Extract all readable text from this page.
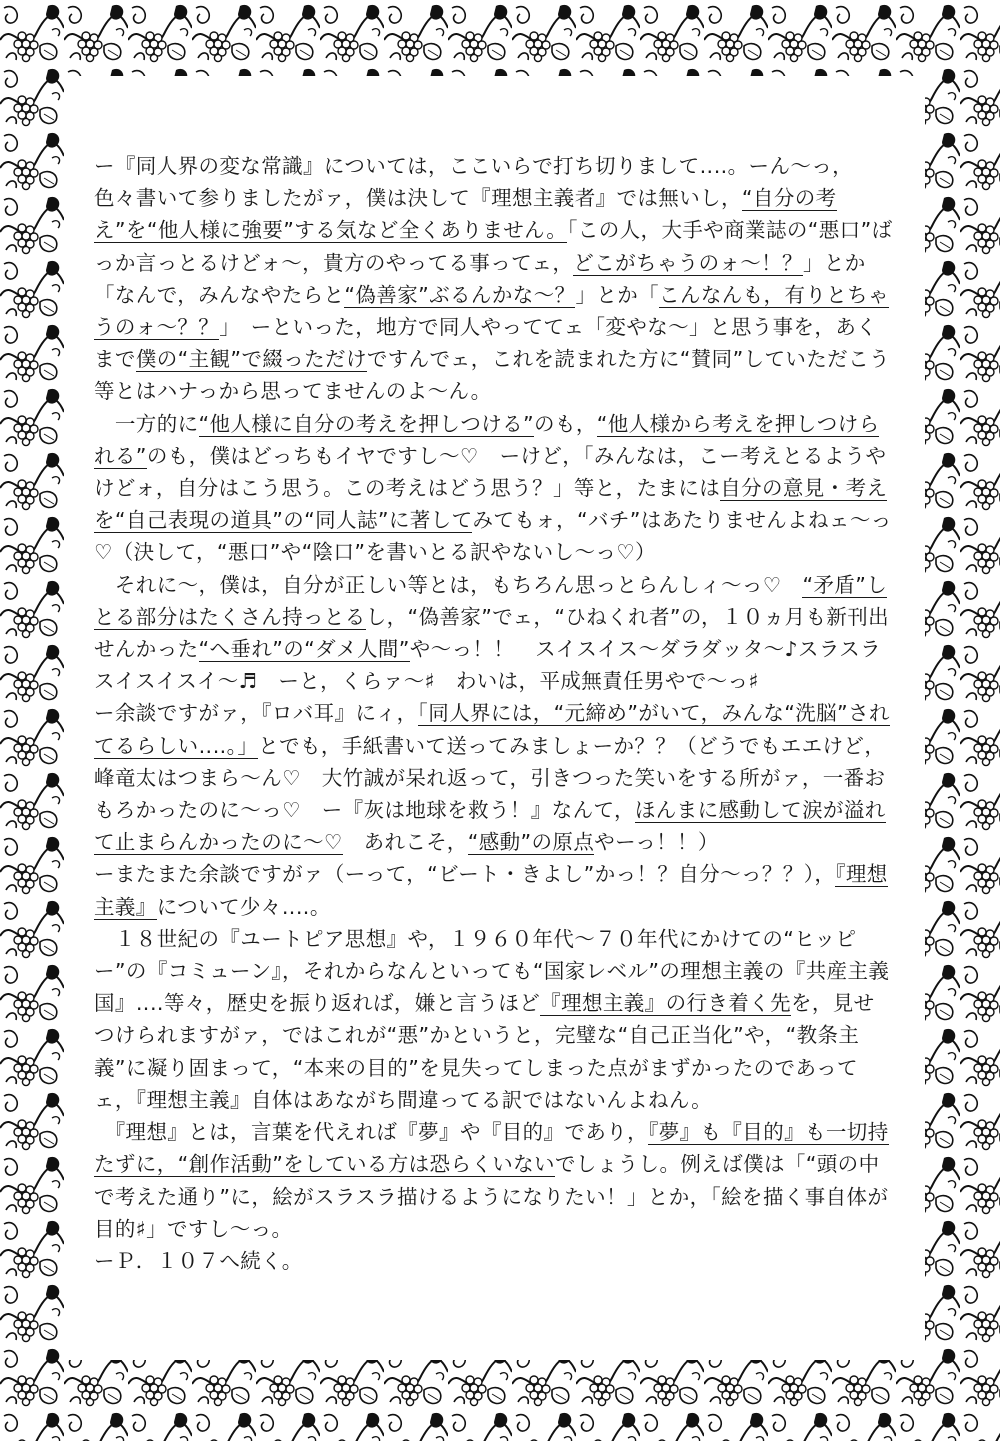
ー『同人界の変な常識』については，ここいらで打ち切りまして‥‥。ーん〜っ，色々書いて参りましたがァ，僕は決して『理想主義者』では無いし，“自分の考え”を“他人様に強要”する気など全くありません。「この人，大手や商業誌の“悪口”ばっか言っとるけどォ〜，貴方のやってる事ってェ，どこがちゃうのォ〜！？」とか「なんで，みんなやたらと“偽善家”ぶるんかな〜？」とか「こんなんも，有りとちゃうのォ〜？？」　ーといった，地方で同人やっててェ「変やな〜」と思う事を，あくまで僕の“主観”で綴っただけですんでェ，これを読まれた方に“賛同”していただこう等とはハナっから思ってませんのよ〜ん。

　一方的に“他人様に自分の考えを押しつける”のも，“他人様から考えを押しつけられる”のも，僕はどっちもイヤですし〜♡　ーけど，「みんなは，こー考えとるようやけどォ，自分はこう思う。この考えはどう思う？」等と，たまには自分の意見・考えを“自己表現の道具”の“同人誌”に著してみてもォ，“バチ”はあたりませんよねェ〜っ♡（決して，“悪口”や“陰口”を書いとる訳やないし〜っ♡）

　それに〜，僕は，自分が正しい等とは，もちろん思っとらんしィ〜っ♡　“矛盾”しとる部分はたくさん持っとるし，“偽善家”でェ，“ひねくれ者”の，１０ヵ月も新刊出せんかった“へ垂れ”の“ダメ人間”や〜っ！！　スイスイス〜ダラダッタ〜♪スラスラスイスイスイ〜♬　ーと，くらァ〜♯　わいは，平成無責任男やで〜っ♯

ー余談ですがァ，『ロバ耳』にィ，「同人界には，“元締め”がいて，みんな“洗脳”されてるらしい‥‥。」とでも，手紙書いて送ってみましょーか？？（どうでもエエけど，峰竜太はつまら〜ん♡　大竹誠が呆れ返って，引きつった笑いをする所がァ，一番おもろかったのに〜っ♡　ー『灰は地球を救う！』なんて，ほんまに感動して涙が溢れて止まらんかったのに〜♡　あれこそ，“感動”の原点やーっ！！）

ーまたまた余談ですがァ（ーって，“ビート・きよし”かっ！？自分〜っ？？），『理想主義』について少々‥‥。

　１８世紀の『ユートピア思想』や，１９６０年代〜７０年代にかけての“ヒッピー”の『コミューン』，それからなんといっても“国家レベル”の理想主義の『共産主義国』‥‥等々，歴史を振り返れば，嫌と言うほど『理想主義』の行き着く先を，見せつけられますがァ，ではこれが“悪”かというと，完璧な“自己正当化”や，“教条主義”に凝り固まって，“本来の目的”を見失ってしまった点がまずかったのであってェ，『理想主義』自体はあながち間違ってる訳ではないんよねん。

　『理想』とは，言葉を代えれば『夢』や『目的』であり，『夢』も『目的』も一切持たずに，“創作活動”をしている方は恐らくいないでしょうし。例えば僕は「“頭の中で考えた通り”に，絵がスラスラ描けるようになりたい！」とか，「絵を描く事自体が目的♯」ですし〜っ。

ーＰ．１０７へ続く。
